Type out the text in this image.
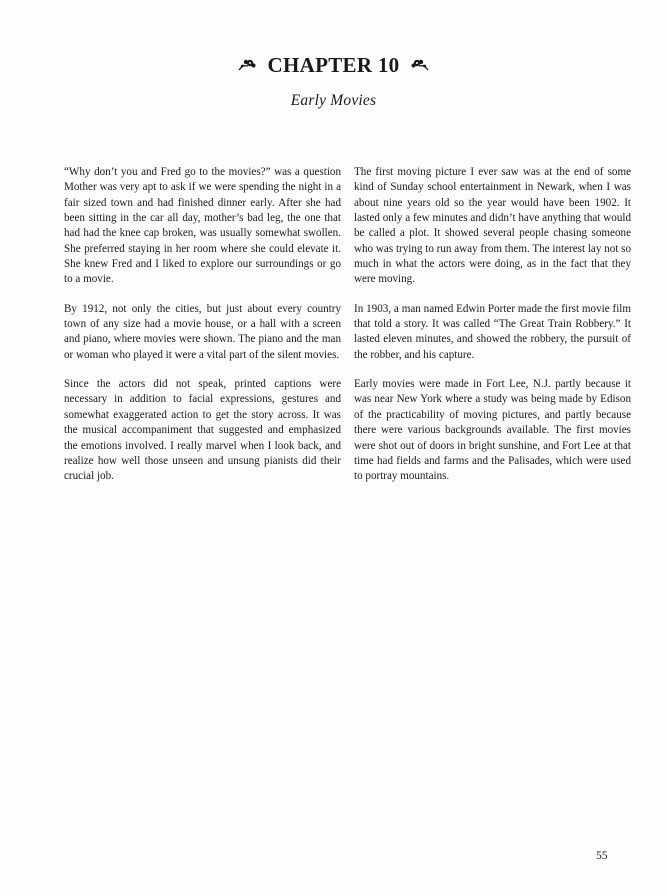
CHAPTER 10
Early Movies

“Why don’t you and Fred go to the movies?” was a question Mother was very apt to ask if we were spending the night in a fair sized town and had finished dinner early. After she had been sitting in the car all day, mother’s bad leg, the one that had had the knee cap broken, was usually somewhat swollen. She preferred staying in her room where she could elevate it. She knew Fred and I liked to explore our surroundings or go to a movie.

By 1912, not only the cities, but just about every country town of any size had a movie house, or a hall with a screen and piano, where movies were shown. The piano and the man or woman who played it were a vital part of the silent movies.

Since the actors did not speak, printed captions were necessary in addition to facial expressions, gestures and somewhat exaggerated action to get the story across. It was the musical accompaniment that suggested and emphasized the emotions involved. I really marvel when I look back, and realize how well those unseen and unsung pianists did their crucial job.

The first moving picture I ever saw was at the end of some kind of Sunday school entertainment in Newark, when I was about nine years old so the year would have been 1902. It lasted only a few minutes and didn’t have anything that would be called a plot. It showed several people chasing someone who was trying to run away from them. The interest lay not so much in what the actors were doing, as in the fact that they were moving.

In 1903, a man named Edwin Porter made the first movie film that told a story. It was called “The Great Train Robbery.” It lasted eleven minutes, and showed the robbery, the pursuit of the robber, and his capture.

Early movies were made in Fort Lee, N.J. partly because it was near New York where a study was being made by Edison of the practicability of moving pictures, and partly because there were various backgrounds available. The first movies were shot out of doors in bright sunshine, and Fort Lee at that time had fields and farms and the Palisades, which were used to portray mountains.

55
